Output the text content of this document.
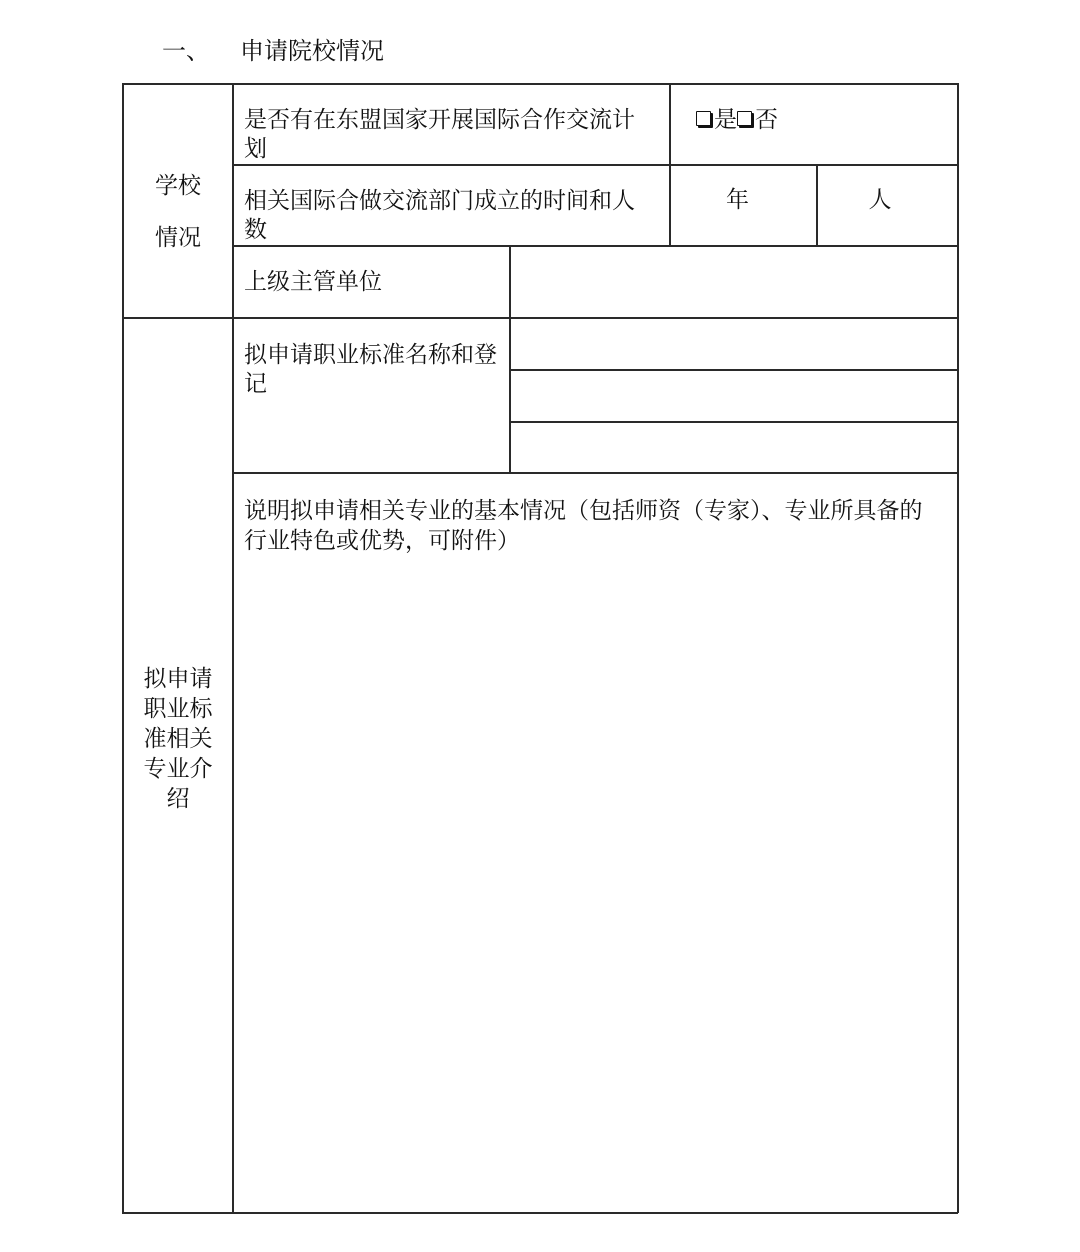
一、 申请院校情况
学校
情况
是否有在东盟国家开展国际合作交流计划
是 否
相关国际合做交流部门成立的时间和人数
年	人
上级主管单位
拟申请职业标准相关专业介绍
拟申请职业标准名称和登记
说明拟申请相关专业的基本情况（包括师资（专家）、专业所具备的行业特色或优势，可附件）
